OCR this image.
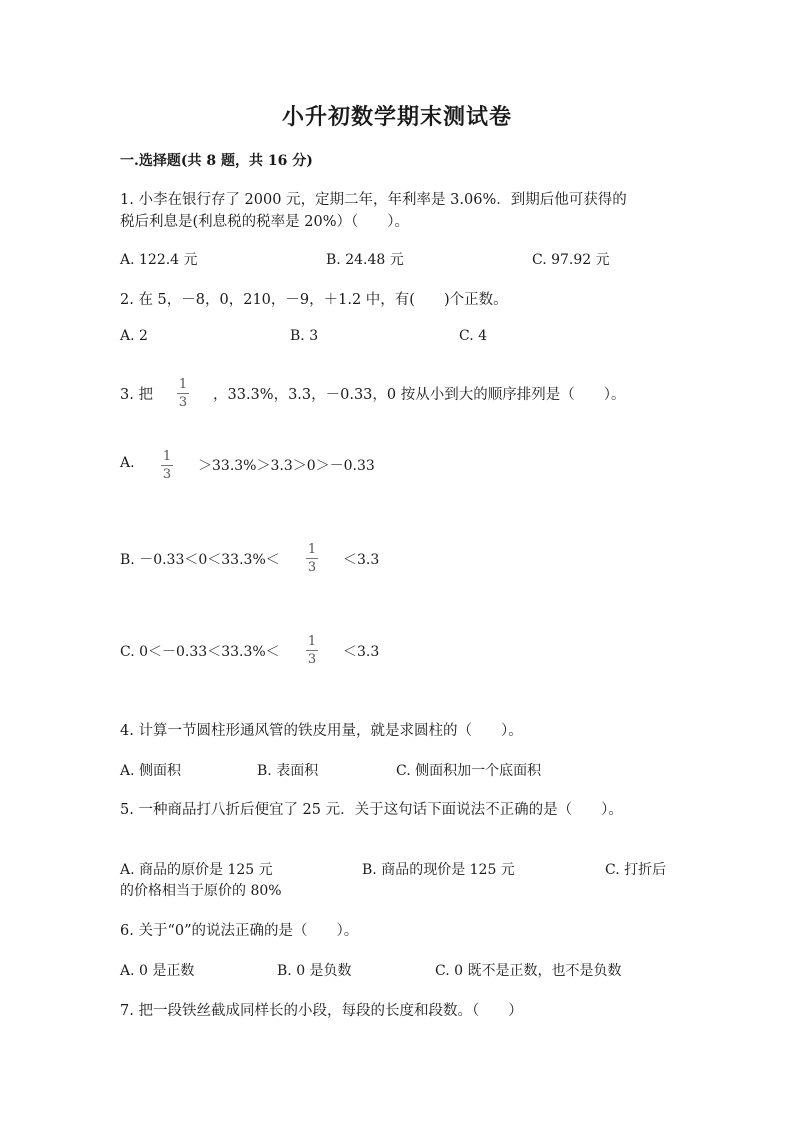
小升初数学期末测试卷
一.选择题(共 8 题，共 16 分)
1. 小李在银行存了 2000 元，定期二年，年利率是 3.06%．到期后他可获得的
税后利息是(利息税的税率是 20%）（　　）。
A. 122.4 元	B. 24.48 元	C. 97.92 元
2. 在 5，－8，0，210，－9，＋1.2 中，有(　　)个正数。
A. 2	B. 3	C. 4
3. 把
1
3 ，33.3%，3.3，－0.33，0 按从小到大的顺序排列是（　　）。
A. 1
3
＞33.3%＞3.3＞0＞－0.33
B. －0.33＜0＜33.3%＜
1
3 ＜3.3
C. 0＜－0.33＜33.3%＜
1
3 ＜3.3
4. 计算一节圆柱形通风管的铁皮用量，就是求圆柱的（　　）。
A. 侧面积	B. 表面积	C. 侧面积加一个底面积
5. 一种商品打八折后便宜了 25 元．关于这句话下面说法不正确的是（　　）。
A. 商品的原价是 125 元	B. 商品的现价是 125 元	C. 打折后
的价格相当于原价的 80%
6. 关于“0”的说法正确的是（　　）。
A. 0 是正数	B. 0 是负数	C. 0 既不是正数，也不是负数
7. 把一段铁丝截成同样长的小段，每段的长度和段数。（　　）
